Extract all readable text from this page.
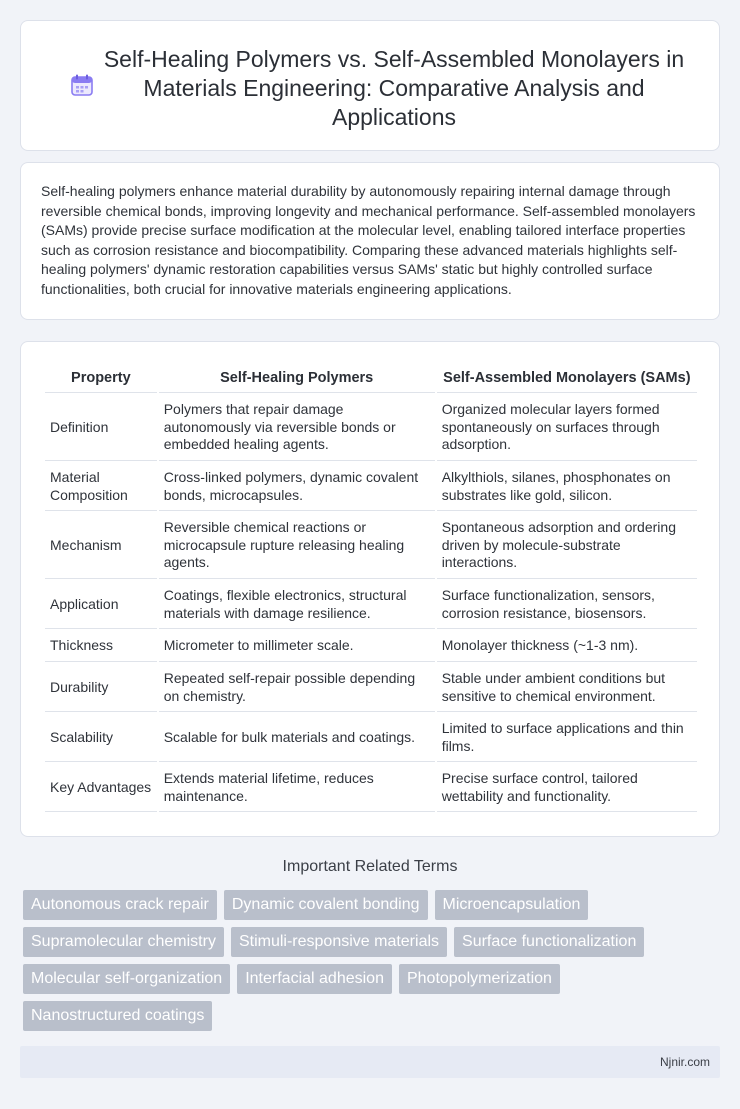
Self-Healing Polymers vs. Self-Assembled Monolayers in Materials Engineering: Comparative Analysis and Applications

Self-healing polymers enhance material durability by autonomously repairing internal damage through reversible chemical bonds, improving longevity and mechanical performance. Self-assembled monolayers (SAMs) provide precise surface modification at the molecular level, enabling tailored interface properties such as corrosion resistance and biocompatibility. Comparing these advanced materials highlights self-healing polymers' dynamic restoration capabilities versus SAMs' static but highly controlled surface functionalities, both crucial for innovative materials engineering applications.

Property	Self-Healing Polymers	Self-Assembled Monolayers (SAMs)
Definition	Polymers that repair damage autonomously via reversible bonds or embedded healing agents.	Organized molecular layers formed spontaneously on surfaces through adsorption.
Material Composition	Cross-linked polymers, dynamic covalent bonds, microcapsules.	Alkylthiols, silanes, phosphonates on substrates like gold, silicon.
Mechanism	Reversible chemical reactions or microcapsule rupture releasing healing agents.	Spontaneous adsorption and ordering driven by molecule-substrate interactions.
Application	Coatings, flexible electronics, structural materials with damage resilience.	Surface functionalization, sensors, corrosion resistance, biosensors.
Thickness	Micrometer to millimeter scale.	Monolayer thickness (~1-3 nm).
Durability	Repeated self-repair possible depending on chemistry.	Stable under ambient conditions but sensitive to chemical environment.
Scalability	Scalable for bulk materials and coatings.	Limited to surface applications and thin films.
Key Advantages	Extends material lifetime, reduces maintenance.	Precise surface control, tailored wettability and functionality.
Important Related Terms
Autonomous crack repair	Dynamic covalent bonding	Microencapsulation
Supramolecular chemistry	Stimuli-responsive materials	Surface functionalization
Molecular self-organization	Interfacial adhesion	Photopolymerization
Nanostructured coatings
Njnir.com
